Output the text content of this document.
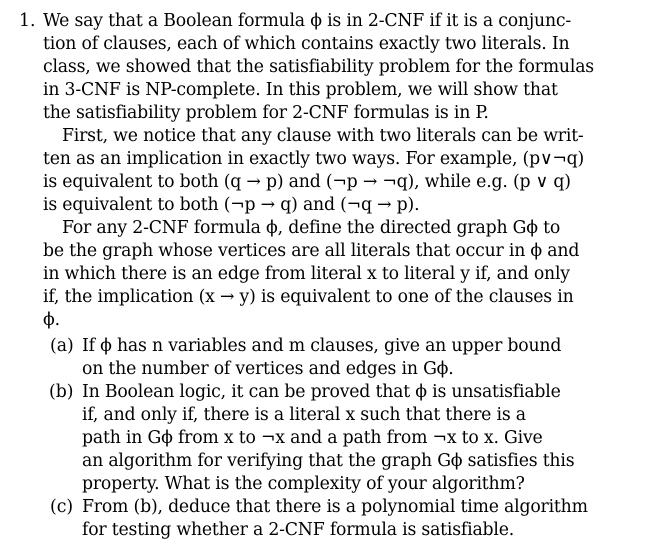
1. We say that a Boolean formula ϕ is in 2-CNF if it is a conjunc-
tion of clauses, each of which contains exactly two literals. In
class, we showed that the satisfiability problem for the formulas
in 3-CNF is NP-complete. In this problem, we will show that
the satisfiability problem for 2-CNF formulas is in P.
First, we notice that any clause with two literals can be writ-
ten as an implication in exactly two ways. For example, (p∨¬q)
is equivalent to both (q → p) and (¬p → ¬q), while e.g. (p ∨ q)
is equivalent to both (¬p → q) and (¬q → p).
For any 2-CNF formula ϕ, define the directed graph Gϕ to
be the graph whose vertices are all literals that occur in ϕ and
in which there is an edge from literal x to literal y if, and only
if, the implication (x → y) is equivalent to one of the clauses in
ϕ.
(a) If ϕ has n variables and m clauses, give an upper bound
on the number of vertices and edges in Gϕ.
(b) In Boolean logic, it can be proved that ϕ is unsatisfiable
if, and only if, there is a literal x such that there is a
path in Gϕ from x to ¬x and a path from ¬x to x. Give
an algorithm for verifying that the graph Gϕ satisfies this
property. What is the complexity of your algorithm?
(c) From (b), deduce that there is a polynomial time algorithm
for testing whether a 2-CNF formula is satisfiable.
